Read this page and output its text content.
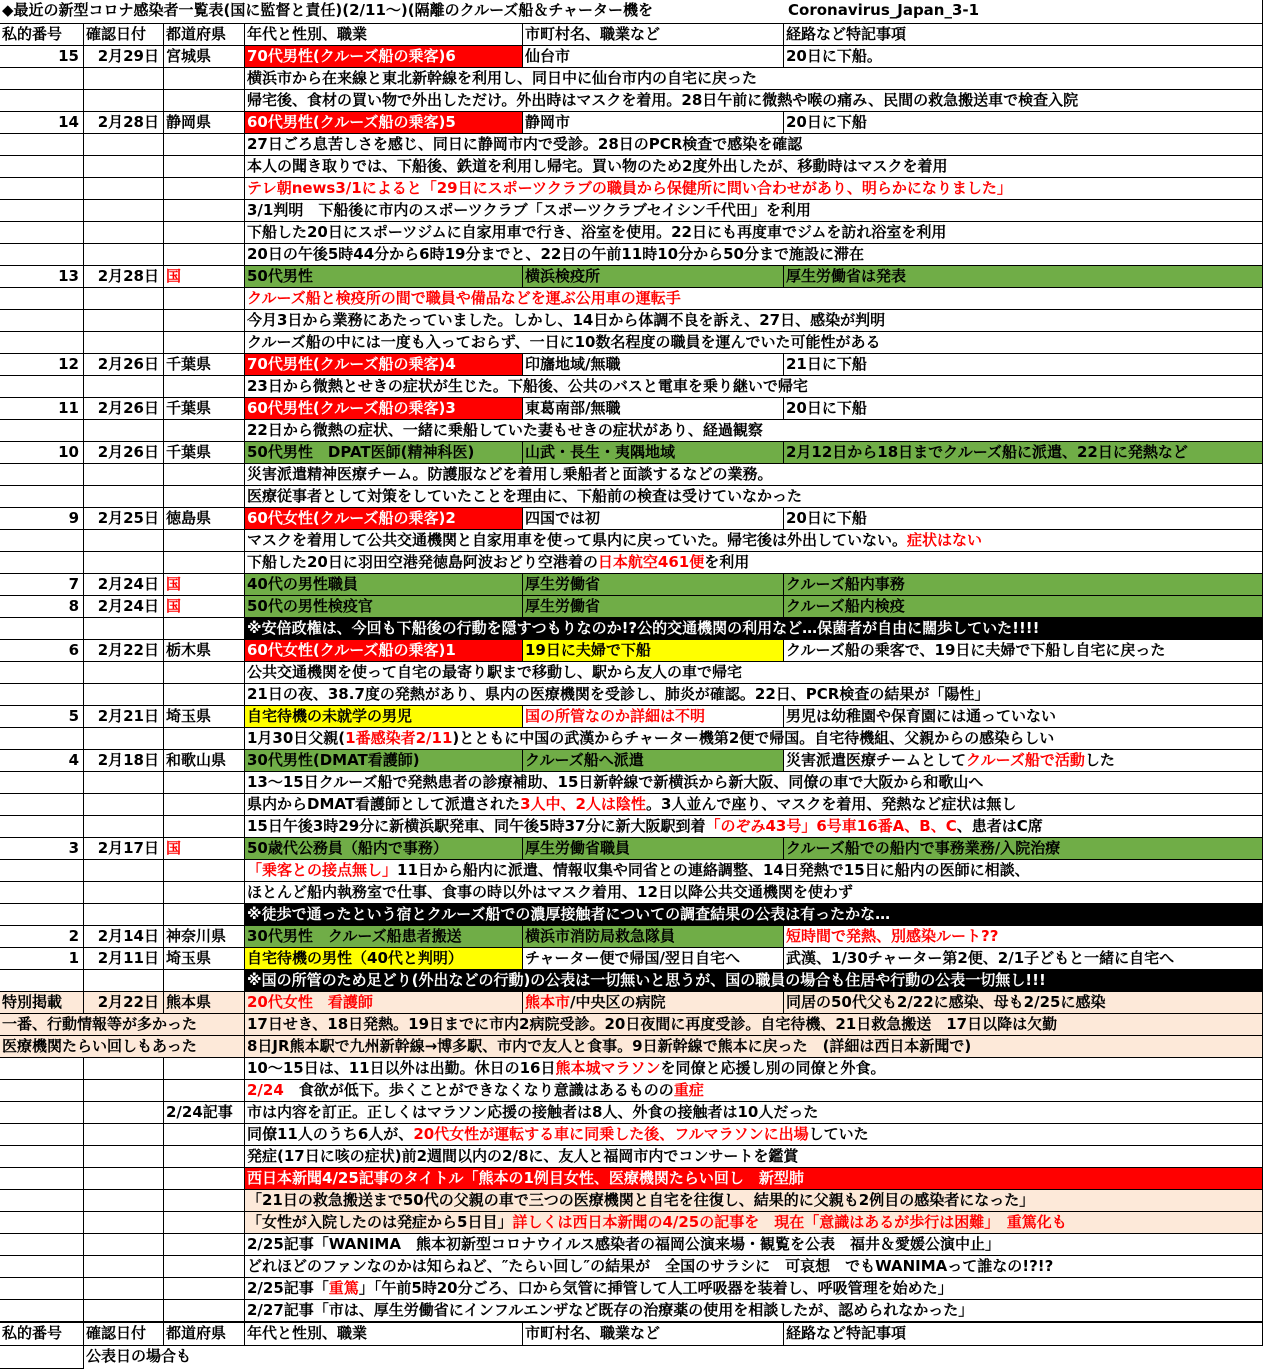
◆最近の新型コロナ感染者一覧表(国に監督と責任)(2/11～)(隔離のクルーズ船＆チャーター機を	Coronavirus_Japan_3-1
私的番号	確認日付	都道府県	年代と性別、職業	市町村名、職業など	経路など特記事項
15	2月29日 宮城県	70代男性(クルーズ船の乗客)6	仙台市	20日に下船。
横浜市から在来線と東北新幹線を利用し、同日中に仙台市内の自宅に戻った
帰宅後、食材の買い物で外出しただけ。外出時はマスクを着用。28日午前に微熱や喉の痛み、民間の救急搬送車で検査入院
14	2月28日 静岡県	60代男性(クルーズ船の乗客)5	静岡市	20日に下船
27日ごろ息苦しさを感じ、同日に静岡市内で受診。28日のPCR検査で感染を確認
本人の聞き取りでは、下船後、鉄道を利用し帰宅。買い物のため2度外出したが、移動時はマスクを着用
テレ朝news3/1によると「29日にスポーツクラブの職員から保健所に問い合わせがあり、明らかになりました」
3/1判明　下船後に市内のスポーツクラブ「スポーツクラブセイシン千代田」を利用
下船した20日にスポーツジムに自家用車で行き、浴室を使用。22日にも再度車でジムを訪れ浴室を利用
20日の午後5時44分から6時19分までと、22日の午前11時10分から50分まで施設に滞在
13	2月28日 国	50代男性	横浜検疫所	厚生労働省は発表
クルーズ船と検疫所の間で職員や備品などを運ぶ公用車の運転手
今月3日から業務にあたっていました。しかし、14日から体調不良を訴え、27日、感染が判明
クルーズ船の中には一度も入っておらず、一日に10数名程度の職員を運んでいた可能性がある
12	2月26日 千葉県	70代男性(クルーズ船の乗客)4	印旛地域/無職	21日に下船
23日から微熱とせきの症状が生じた。下船後、公共のバスと電車を乗り継いで帰宅
11	2月26日 千葉県	60代男性(クルーズ船の乗客)3	東葛南部/無職	20日に下船
22日から微熱の症状、一緒に乗船していた妻もせきの症状があり、経過観察
10	2月26日 千葉県	50代男性　DPAT医師(精神科医)	山武・長生・夷隅地域	2月12日から18日までクルーズ船に派遣、22日に発熱など
災害派遣精神医療チーム。防護服などを着用し乗船者と面談するなどの業務。
医療従事者として対策をしていたことを理由に、下船前の検査は受けていなかった
9	2月25日 徳島県	60代女性(クルーズ船の乗客)2	四国では初	20日に下船
マスクを着用して公共交通機関と自家用車を使って県内に戻っていた。帰宅後は外出していない。症状はない
下船した20日に羽田空港発徳島阿波おどり空港着の日本航空461便を利用
7	2月24日 国	40代の男性職員	厚生労働省	クルーズ船内事務
8	2月24日 国	50代の男性検疫官	厚生労働省	クルーズ船内検疫
※安倍政権は、今回も下船後の行動を隠すつもりなのか!?公的交通機関の利用など…保菌者が自由に闊歩していた!!!!
6	2月22日 栃木県	60代女性(クルーズ船の乗客)1	19日に夫婦で下船	クルーズ船の乗客で、19日に夫婦で下船し自宅に戻った
公共交通機関を使って自宅の最寄り駅まで移動し、駅から友人の車で帰宅
21日の夜、38.7度の発熱があり、県内の医療機関を受診し、肺炎が確認。22日、PCR検査の結果が「陽性」
5	2月21日 埼玉県	自宅待機の未就学の男児	国の所管なのか詳細は不明	男児は幼稚園や保育園には通っていない
1月30日父親(1番感染者2/11)とともに中国の武漢からチャーター機第2便で帰国。自宅待機組、父親からの感染らしい
4	2月18日 和歌山県	30代男性(DMAT看護師)	クルーズ船へ派遣	災害派遣医療チームとしてクルーズ船で活動した
13～15日クルーズ船で発熱患者の診療補助、15日新幹線で新横浜から新大阪、同僚の車で大阪から和歌山へ
県内からDMAT看護師として派遣された3人中、2人は陰性。3人並んで座り、マスクを着用、発熱など症状は無し
15日午後3時29分に新横浜駅発車、同午後5時37分に新大阪駅到着「のぞみ43号」6号車16番A、B、C、患者はC席
3	2月17日 国	50歳代公務員（船内で事務）	厚生労働省職員	クルーズ船での船内で事務業務/入院治療
「乗客との接点無し」11日から船内に派遣、情報収集や同省との連絡調整、14日発熱で15日に船内の医師に相談、
ほとんど船内執務室で仕事、食事の時以外はマスク着用、12日以降公共交通機関を使わず
※徒歩で通ったという宿とクルーズ船での濃厚接触者についての調査結果の公表は有ったかな…
2	2月14日 神奈川県	30代男性　クルーズ船患者搬送	横浜市消防局救急隊員	短時間で発熱、別感染ルート??
1	2月11日 埼玉県	自宅待機の男性（40代と判明）	チャーター便で帰国/翌日自宅へ	武漢、1/30チャーター第2便、2/1子どもと一緒に自宅へ
※国の所管のため足どり(外出などの行動)の公表は一切無いと思うが、国の職員の場合も住居や行動の公表一切無し!!!
特別掲載	2月22日 熊本県	20代女性　看護師	熊本市/中央区の病院	同居の50代父も2/22に感染、母も2/25に感染
一番、行動情報等が多かった	17日せき、18日発熱。19日までに市内2病院受診。20日夜間に再度受診。自宅待機、21日救急搬送　17日以降は欠勤
医療機関たらい回しもあった	8日JR熊本駅で九州新幹線→博多駅、市内で友人と食事。9日新幹線で熊本に戻った　(詳細は西日本新聞で)
10～15日は、11日以外は出勤。休日の16日熊本城マラソンを同僚と応援し別の同僚と外食。
2/24　食欲が低下。歩くことができなくなり意識はあるものの重症
2/24記事 市は内容を訂正。正しくはマラソン応援の接触者は8人、外食の接触者は10人だった
同僚11人のうち6人が、20代女性が運転する車に同乗した後、フルマラソンに出場していた
発症(17日に咳の症状)前2週間以内の2/8に、友人と福岡市内でコンサートを鑑賞
西日本新聞4/25記事のタイトル「熊本の1例目女性、医療機関たらい回し　新型肺
「21日の救急搬送まで50代の父親の車で三つの医療機関と自宅を往復し、結果的に父親も2例目の感染者になった」
「女性が入院したのは発症から5日目」詳しくは西日本新聞の4/25の記事を　現在「意識はあるが歩行は困難」　重篤化も
2/25記事「WANIMA　熊本初新型コロナウイルス感染者の福岡公演来場・観覧を公表　福井＆愛媛公演中止」
どれほどのファンなのかは知らねど、″たらい回し″の結果が　全国のサラシに　可哀想　でもWANIMAって誰なの!?!?
2/25記事「重篤」「午前5時20分ごろ、口から気管に挿管して人工呼吸器を装着し、呼吸管理を始めた」
2/27記事「市は、厚生労働省にインフルエンザなど既存の治療薬の使用を相談したが、認められなかった」
私的番号	確認日付	都道府県	年代と性別、職業	市町村名、職業など	経路など特記事項
公表日の場合も
